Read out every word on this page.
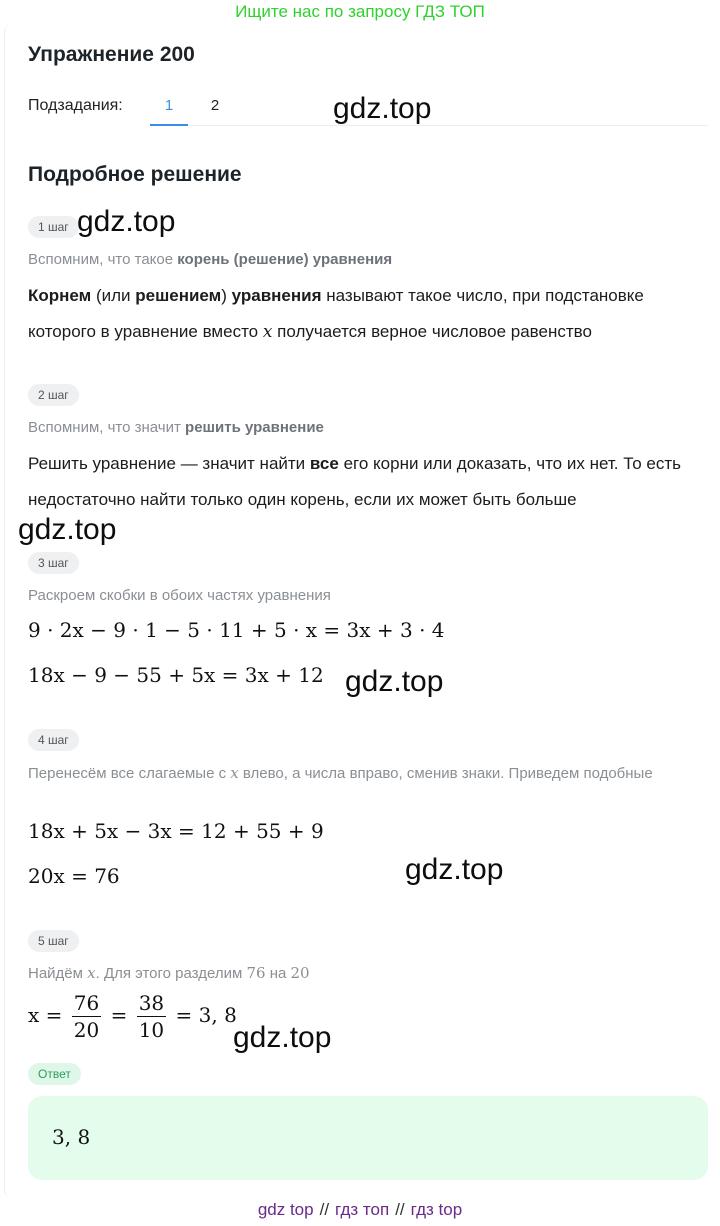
Ищите нас по запросу ГДЗ ТОП
Упражнение 200
Подзадания:	1	2
Подробное решение
1 шаг
Вспомним, что такое корень (решение) уравнения
Корнем (или решением) уравнения называют такое число, при подстановке которого в уравнение вместо x получается верное числовое равенство
2 шаг
Вспомним, что значит решить уравнение
Решить уравнение — значит найти все его корни или доказать, что их нет. То есть недостаточно найти только один корень, если их может быть больше
3 шаг
Раскроем скобки в обоих частях уравнения
9 · 2x − 9 · 1 − 5 · 11 + 5 · x = 3x + 3 · 4
18x − 9 − 55 + 5x = 3x + 12
4 шаг
Перенесём все слагаемые с x влево, а числа вправо, сменив знаки. Приведем подобные
18x + 5x − 3x = 12 + 55 + 9
20x = 76
5 шаг
Найдём x. Для этого разделим 76 на 20
$x = \frac{76}{20} = \frac{38}{10} = 3$, 8
Ответ
3, 8
gdz.top
gdz.top
gdz.top
gdz.top
gdz.top
gdz.top
gdz top // гдз топ // гдз top
